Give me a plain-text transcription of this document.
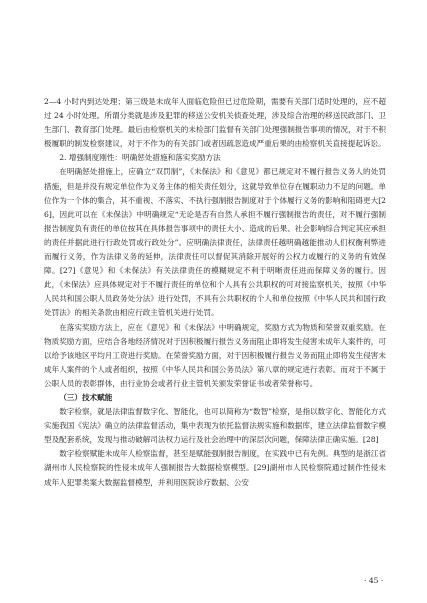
2—4 小时内到达处理；第三级是未成年人面临危险但已过危险期，需要有关部门适时处理的，应不超过 24 小时处理。所谓分类就是涉及犯罪的移送公安机关侦查处理，涉及综合治理的移送民政部门、卫生部门、教育部门处理。最后由检察机关的未检部门监督有关部门处理强制报告事项的情况，对于不积极履职的制发检察建议，对于不作为的有关部门或者因疏忽造成严重后果的由检察机关直接提起诉讼。

2. 增强制度刚性：明确惩处措施和落实奖励方法

在明确惩处措施上，应确立“双罚制”，《未保法》和《意见》都已规定对不履行报告义务人的处罚措施，但是并没有规定单位作为义务主体的相关责任划分，这就导致单位存在履职动力不足的问题。单位作为一个体的集合，其不重视、不落实、不执行强制报告制度对于个体履行义务的影响和阻碍更大[26]，因此可以在《未保法》中明确规定“无论是否有自然人承担不履行强制报告的责任，对不履行强制报告制度负有责任的单位按其在具体报告事项中的责任大小、造成的后果、社会影响综合判定其应承担的责任并据此进行行政处罚或行政处分”。应明确法律责任，法律责任越明确越能推动人们权衡利弊进而履行义务，作为法律义务的延伸，法律责任可以督促其消除开展好的公权力或履行的义务的有效保障。[27]《意见》和《未保法》有关法律责任的模糊规定不利于明晰责任进而保障义务的履行。因此，《未保法》应具体规定对于不履行责任的单位和个人具有公共职权的可对接监察机关，按照《中华人民共和国公职人员政务处分法》进行处罚，不具有公共职权的个人和单位按照《中华人民共和国行政处罚法》的相关条款由相应行政主管机关进行处罚。

在落实奖励方法上，应在《意见》和《未保法》中明确规定，奖励方式为物质和荣誉双重奖励。在物质奖励方面，应结合各地经济情况对于因积极履行报告义务而阻止即将发生侵害未成年人案件的，可以给予该地区平均月工资进行奖励。在荣誉奖励方面，对于因积极履行报告义务而阻止即将发生侵害未成年人案件的个人或者组织，按照《中华人民共和国公务员法》第八章的规定进行表彰。而对于不属于公职人员的表彰群体，由行业协会或者行业主管机关颁发荣誉证书或者荣誉称号。

（三）技术赋能

数字检察，就是法律监督数字化、智能化，也可以简称为“数智”检察，是指以数字化、智能化方式实施我国《宪法》确立的法律监督活动，集中表现为依托监督法规实施和数据库，建立法律监督数字模型及配套系统，发现与推动破解司法权力运行及社会治理中的深层次问题，保障法律正确实施。[28]

数字检察赋能未成年人检察监督，甚至是赋能强制报告制度，在实践中已有先例。典型的是浙江省湖州市人民检察院的性侵未成年人强制报告大数据检察模型。[29]湖州市人民检察院通过制作性侵未成年人犯罪类案大数据监督模型，并利用医院诊疗数据、公安

· 45 ·
